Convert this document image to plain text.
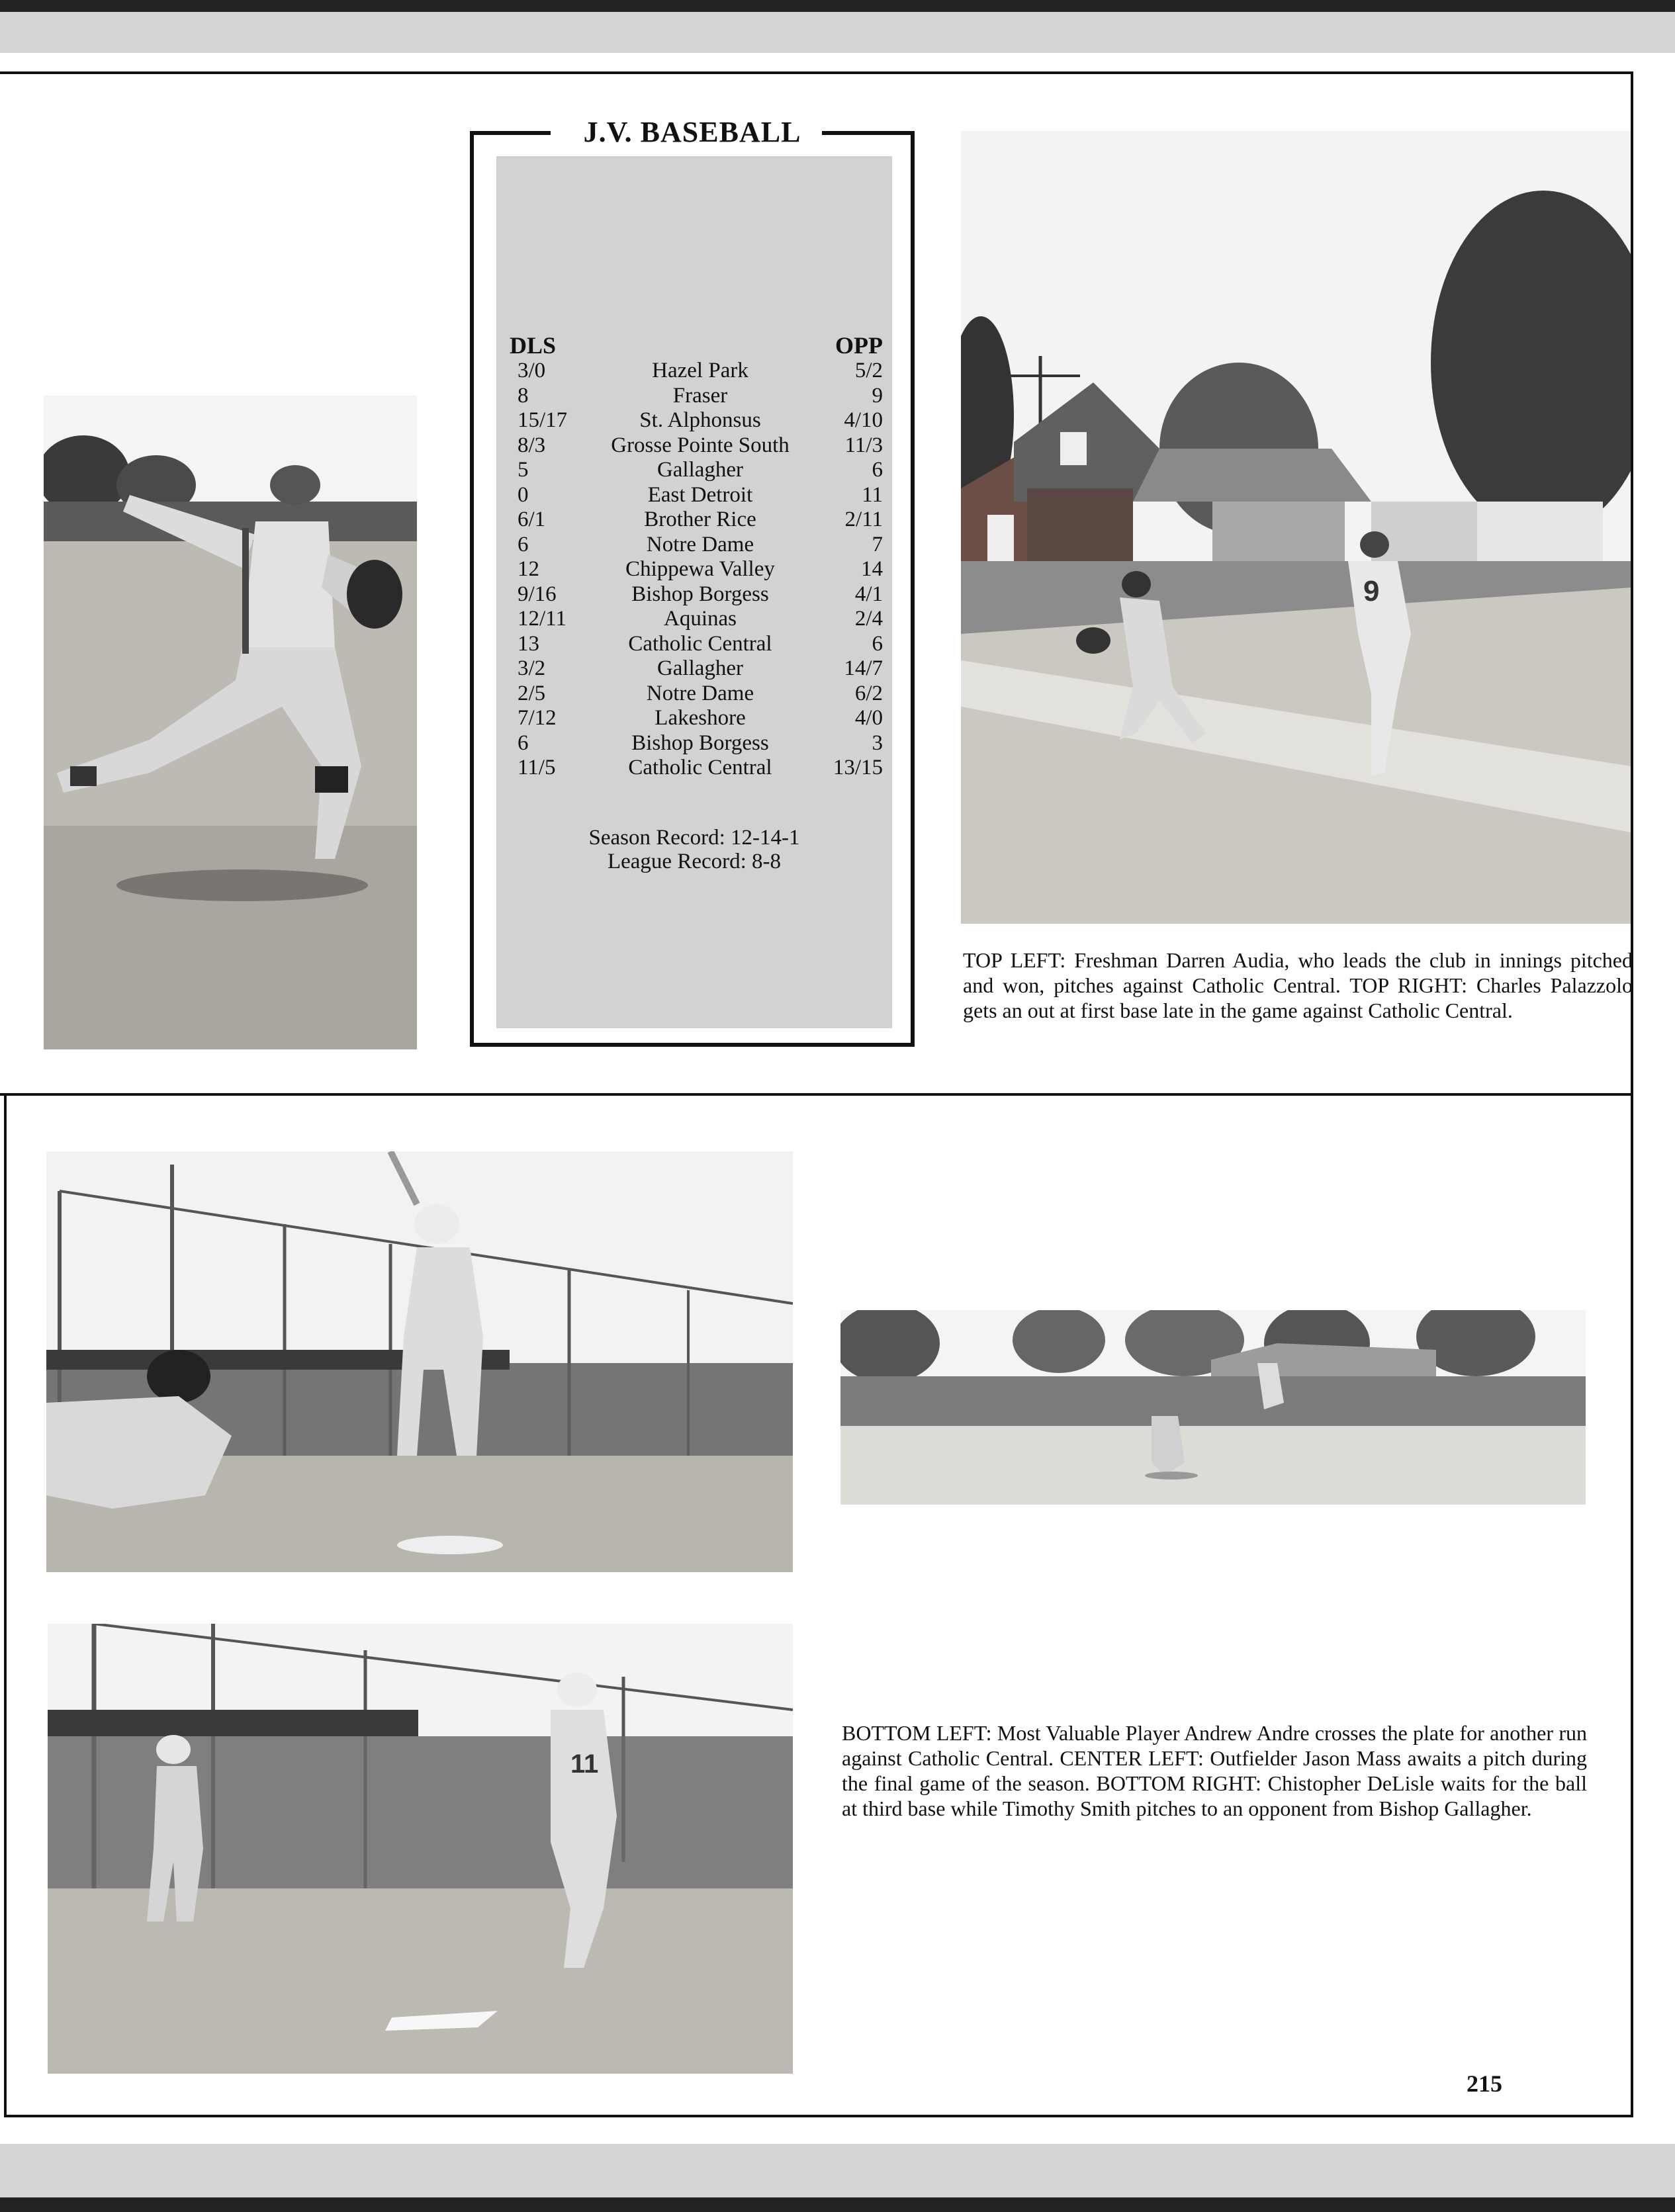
J.V. BASEBALL
DLS		OPP
3/0	Hazel Park	5/2
8	Fraser	9
15/17	St. Alphonsus	4/10
8/3	Grosse Pointe South	11/3
5	Gallagher	6
0	East Detroit	11
6/1	Brother Rice	2/11
6	Notre Dame	7
12	Chippewa Valley	14
9/16	Bishop Borgess	4/1
12/11	Aquinas	2/4
13	Catholic Central	6
3/2	Gallagher	14/7
2/5	Notre Dame	6/2
7/12	Lakeshore	4/0
6	Bishop Borgess	3
11/5	Catholic Central	13/15
Season Record: 12-14-1
League Record: 8-8
9
TOP LEFT: Freshman Darren Audia, who leads the club in innings pitched and won, pitches against Catholic Central. TOP RIGHT: Charles Palazzolo gets an out at first base late in the game against Catholic Central.
11
BOTTOM LEFT: Most Valuable Player Andrew Andre crosses the plate for another run against Catholic Central. CENTER LEFT: Outfielder Jason Mass awaits a pitch during the final game of the season. BOTTOM RIGHT: Chistopher DeLisle waits for the ball at third base while Timothy Smith pitches to an opponent from Bishop Gallagher.
215
